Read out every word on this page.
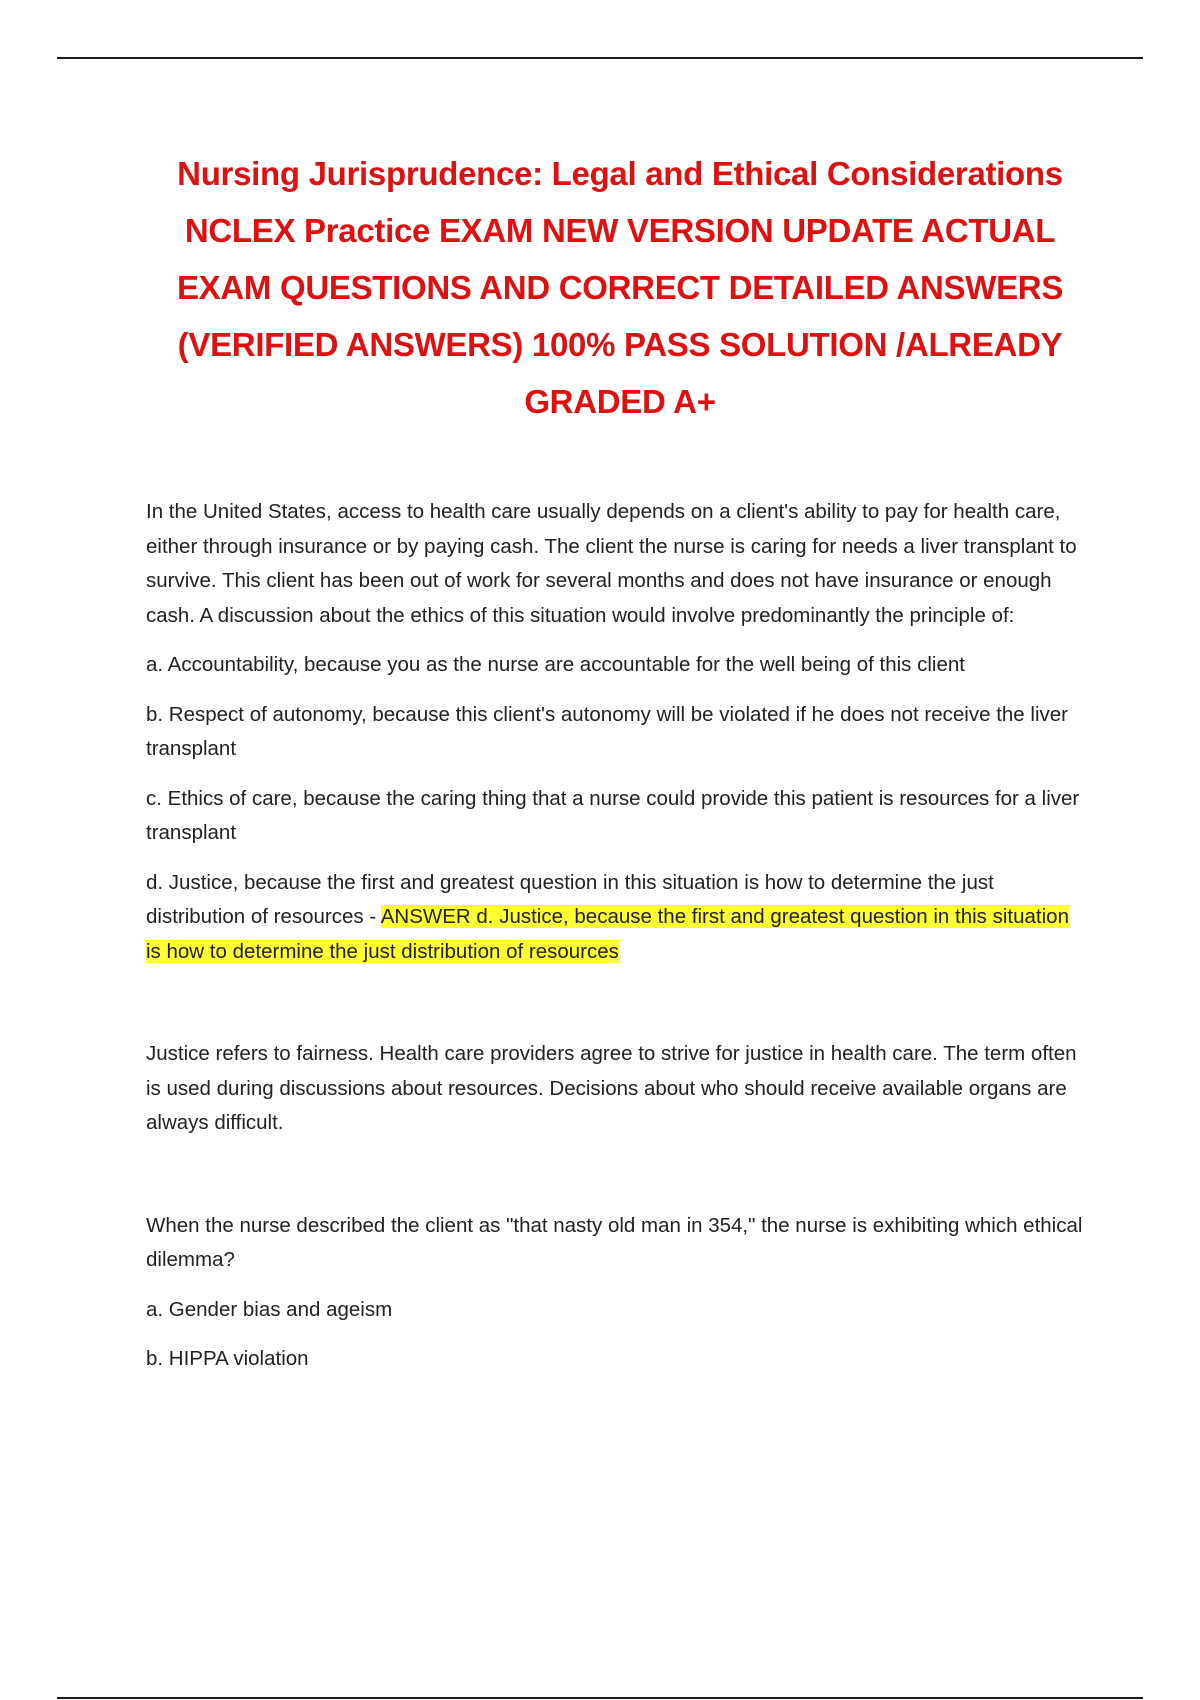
Nursing Jurisprudence: Legal and Ethical Considerations
NCLEX Practice EXAM NEW VERSION UPDATE ACTUAL
EXAM QUESTIONS AND CORRECT DETAILED ANSWERS
(VERIFIED ANSWERS) 100% PASS SOLUTION /ALREADY
GRADED A+

In the United States, access to health care usually depends on a client's ability to pay for health care, either through insurance or by paying cash. The client the nurse is caring for needs a liver transplant to survive. This client has been out of work for several months and does not have insurance or enough cash. A discussion about the ethics of this situation would involve predominantly the principle of:

a. Accountability, because you as the nurse are accountable for the well being of this client

b. Respect of autonomy, because this client's autonomy will be violated if he does not receive the liver transplant

c. Ethics of care, because the caring thing that a nurse could provide this patient is resources for a liver transplant

d. Justice, because the first and greatest question in this situation is how to determine the just distribution of resources - ANSWER d. Justice, because the first and greatest question in this situation is how to determine the just distribution of resources

Justice refers to fairness. Health care providers agree to strive for justice in health care. The term often is used during discussions about resources. Decisions about who should receive available organs are always difficult.

When the nurse described the client as "that nasty old man in 354," the nurse is exhibiting which ethical dilemma?

a. Gender bias and ageism

b. HIPPA violation
